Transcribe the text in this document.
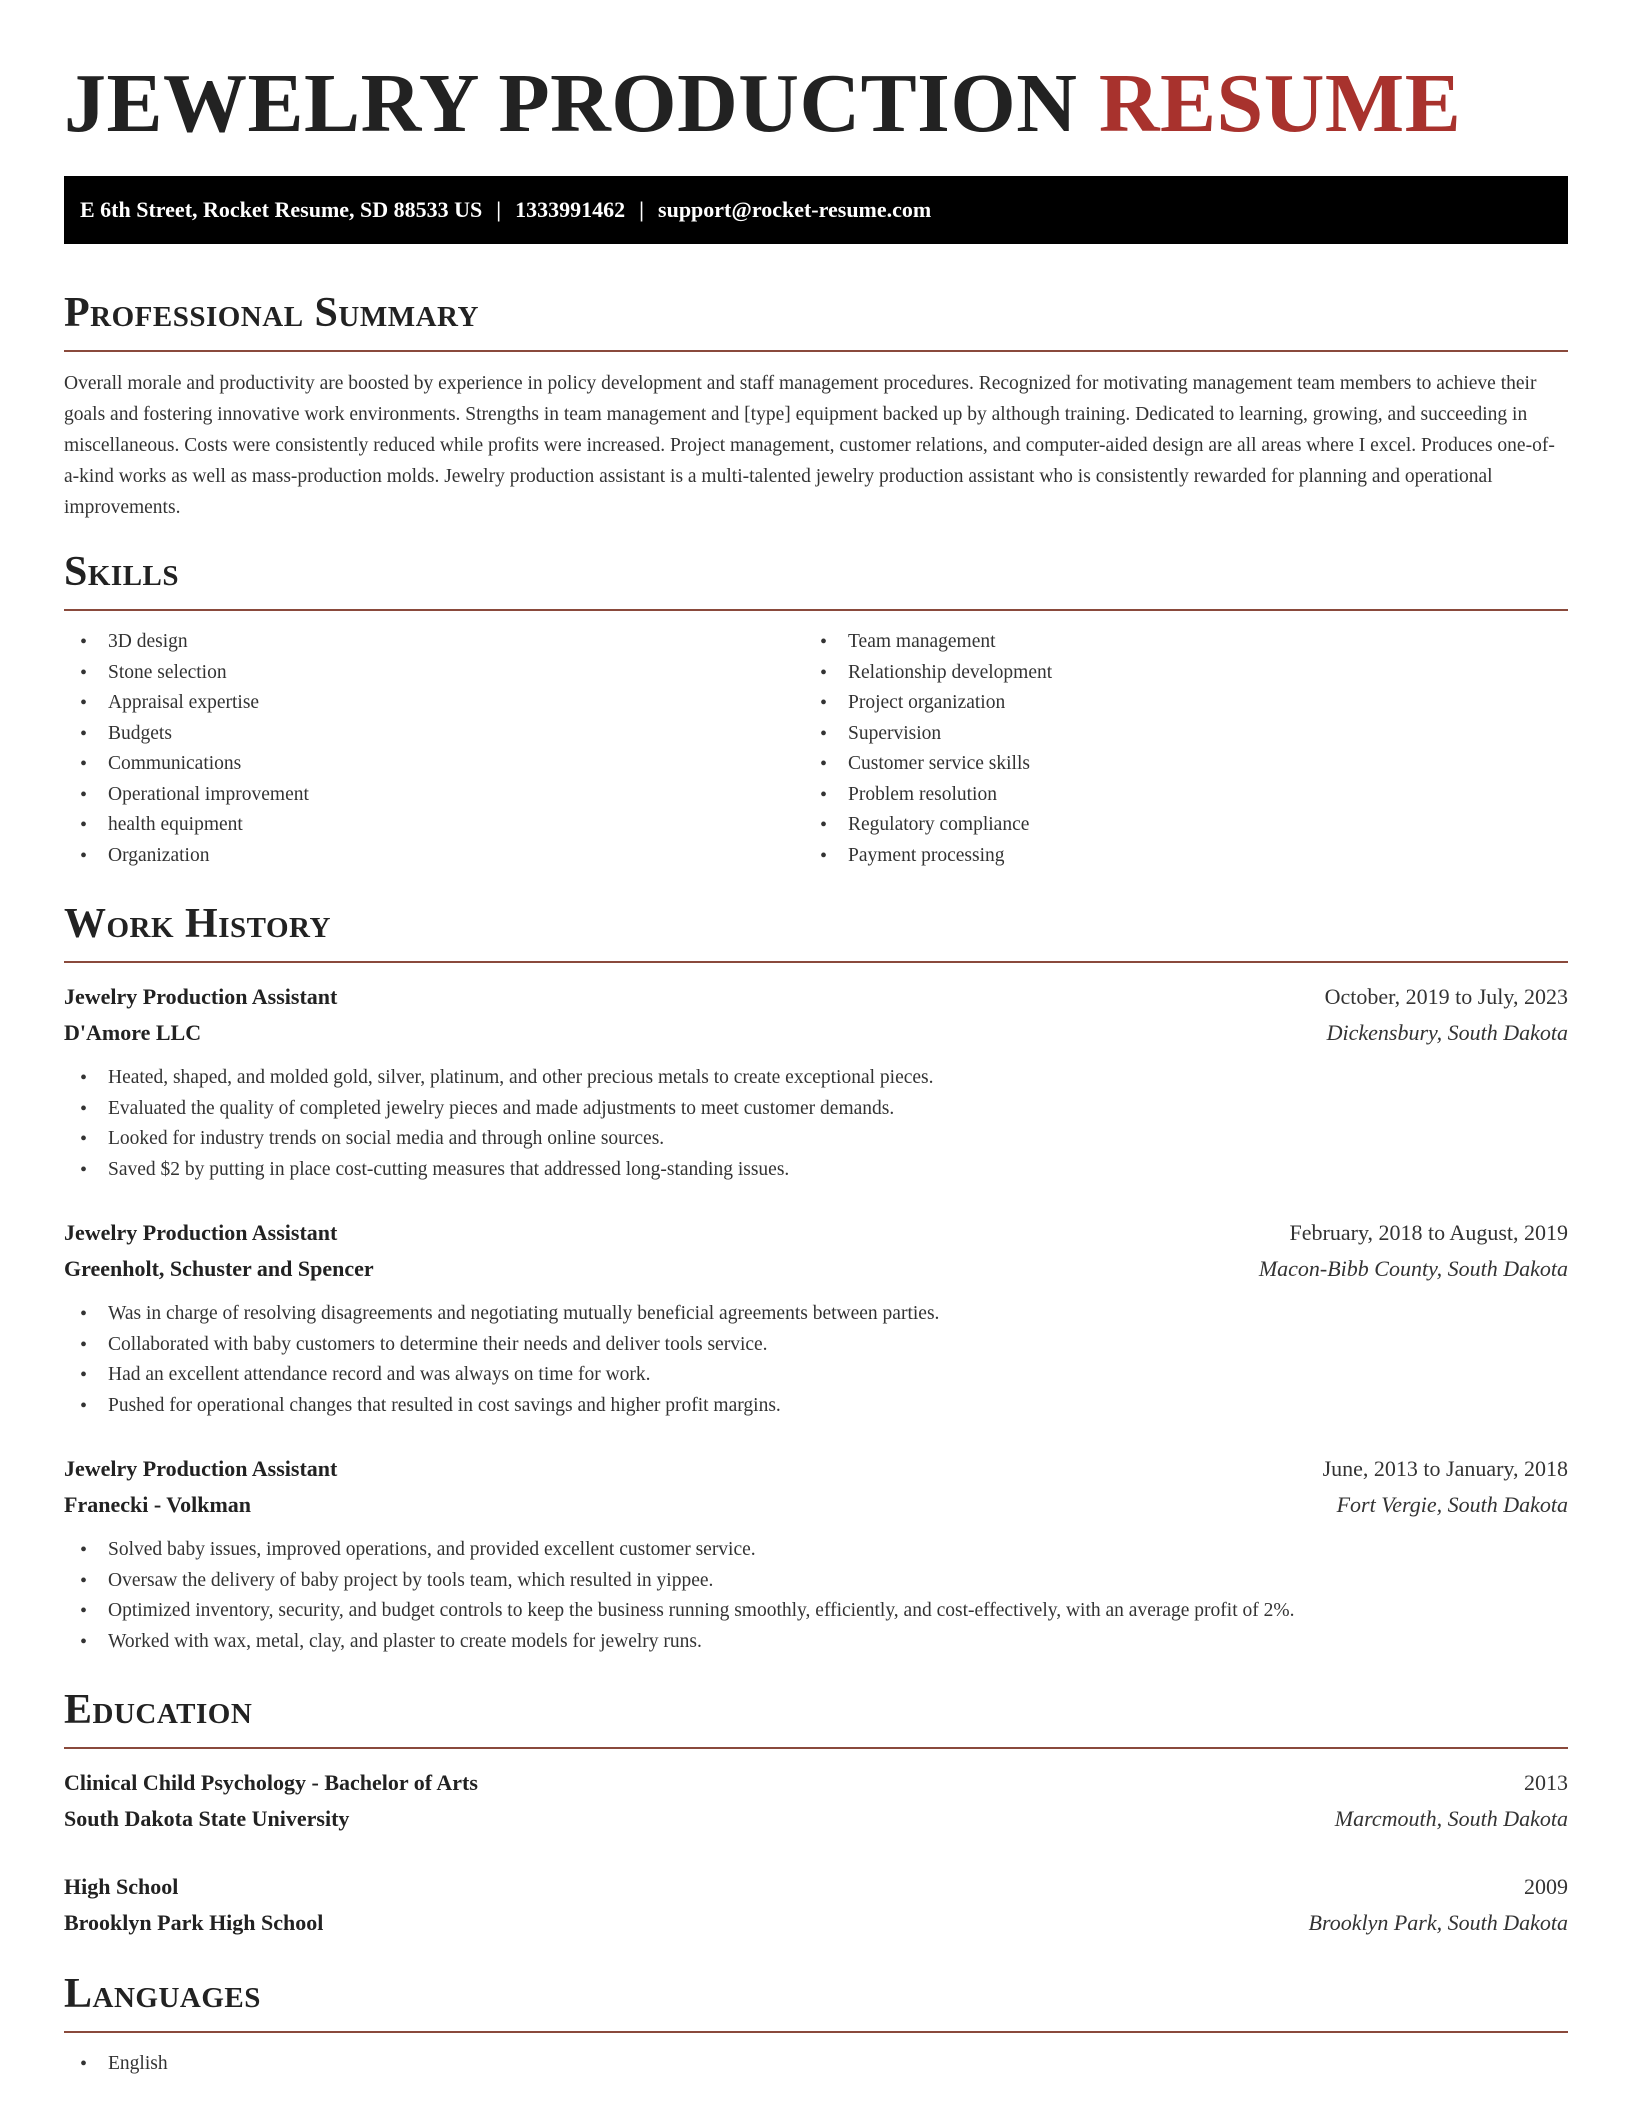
JEWELRY PRODUCTION RESUME
E 6th Street, Rocket Resume, SD 88533 US | 1333991462 | support@rocket-resume.com
Professional Summary

Overall morale and productivity are boosted by experience in policy development and staff management procedures. Recognized for motivating management team members to achieve their goals and fostering innovative work environments. Strengths in team management and [type] equipment backed up by although training. Dedicated to learning, growing, and succeeding in miscellaneous. Costs were consistently reduced while profits were increased. Project management, customer relations, and computer-aided design are all areas where I excel. Produces one-of-a-kind works as well as mass-production molds. Jewelry production assistant is a multi-talented jewelry production assistant who is consistently rewarded for planning and operational improvements.

Skills
• 3D design
• Stone selection
• Appraisal expertise
• Budgets
• Communications
• Operational improvement
• health equipment
• Organization
• Team management
• Relationship development
• Project organization
• Supervision
• Customer service skills
• Problem resolution
• Regulatory compliance
• Payment processing
Work History
Jewelry Production Assistant	October, 2019 to July, 2023
D'Amore LLC	Dickensbury, South Dakota
• Heated, shaped, and molded gold, silver, platinum, and other precious metals to create exceptional pieces.
• Evaluated the quality of completed jewelry pieces and made adjustments to meet customer demands.
• Looked for industry trends on social media and through online sources.
• Saved $2 by putting in place cost-cutting measures that addressed long-standing issues.
Jewelry Production Assistant	February, 2018 to August, 2019
Greenholt, Schuster and Spencer	Macon-Bibb County, South Dakota
• Was in charge of resolving disagreements and negotiating mutually beneficial agreements between parties.
• Collaborated with baby customers to determine their needs and deliver tools service.
• Had an excellent attendance record and was always on time for work.
• Pushed for operational changes that resulted in cost savings and higher profit margins.
Jewelry Production Assistant	June, 2013 to January, 2018
Franecki - Volkman	Fort Vergie, South Dakota
• Solved baby issues, improved operations, and provided excellent customer service.
• Oversaw the delivery of baby project by tools team, which resulted in yippee.
• Optimized inventory, security, and budget controls to keep the business running smoothly, efficiently, and cost-effectively, with an average profit of 2%.
• Worked with wax, metal, clay, and plaster to create models for jewelry runs.
Education
Clinical Child Psychology - Bachelor of Arts	2013
South Dakota State University	Marcmouth, South Dakota
High School	2009
Brooklyn Park High School	Brooklyn Park, South Dakota
Languages
• English
